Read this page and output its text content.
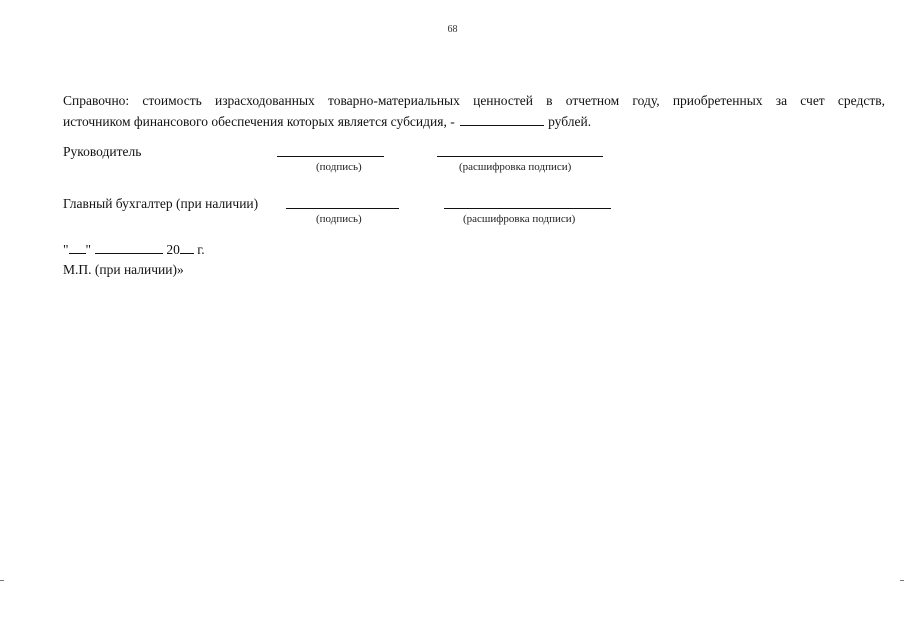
68
Справочно: стоимость израсходованных товарно-материальных ценностей в отчетном году, приобретенных за счет средств,
источником финансового обеспечения которых является субсидия, -	рублей.
Руководитель
(подпись)	(расшифровка подписи)
Главный бухгалтер (при наличии)
(подпись)	(расшифровка подписи)
" "	20 г.
М.П. (при наличии)»
